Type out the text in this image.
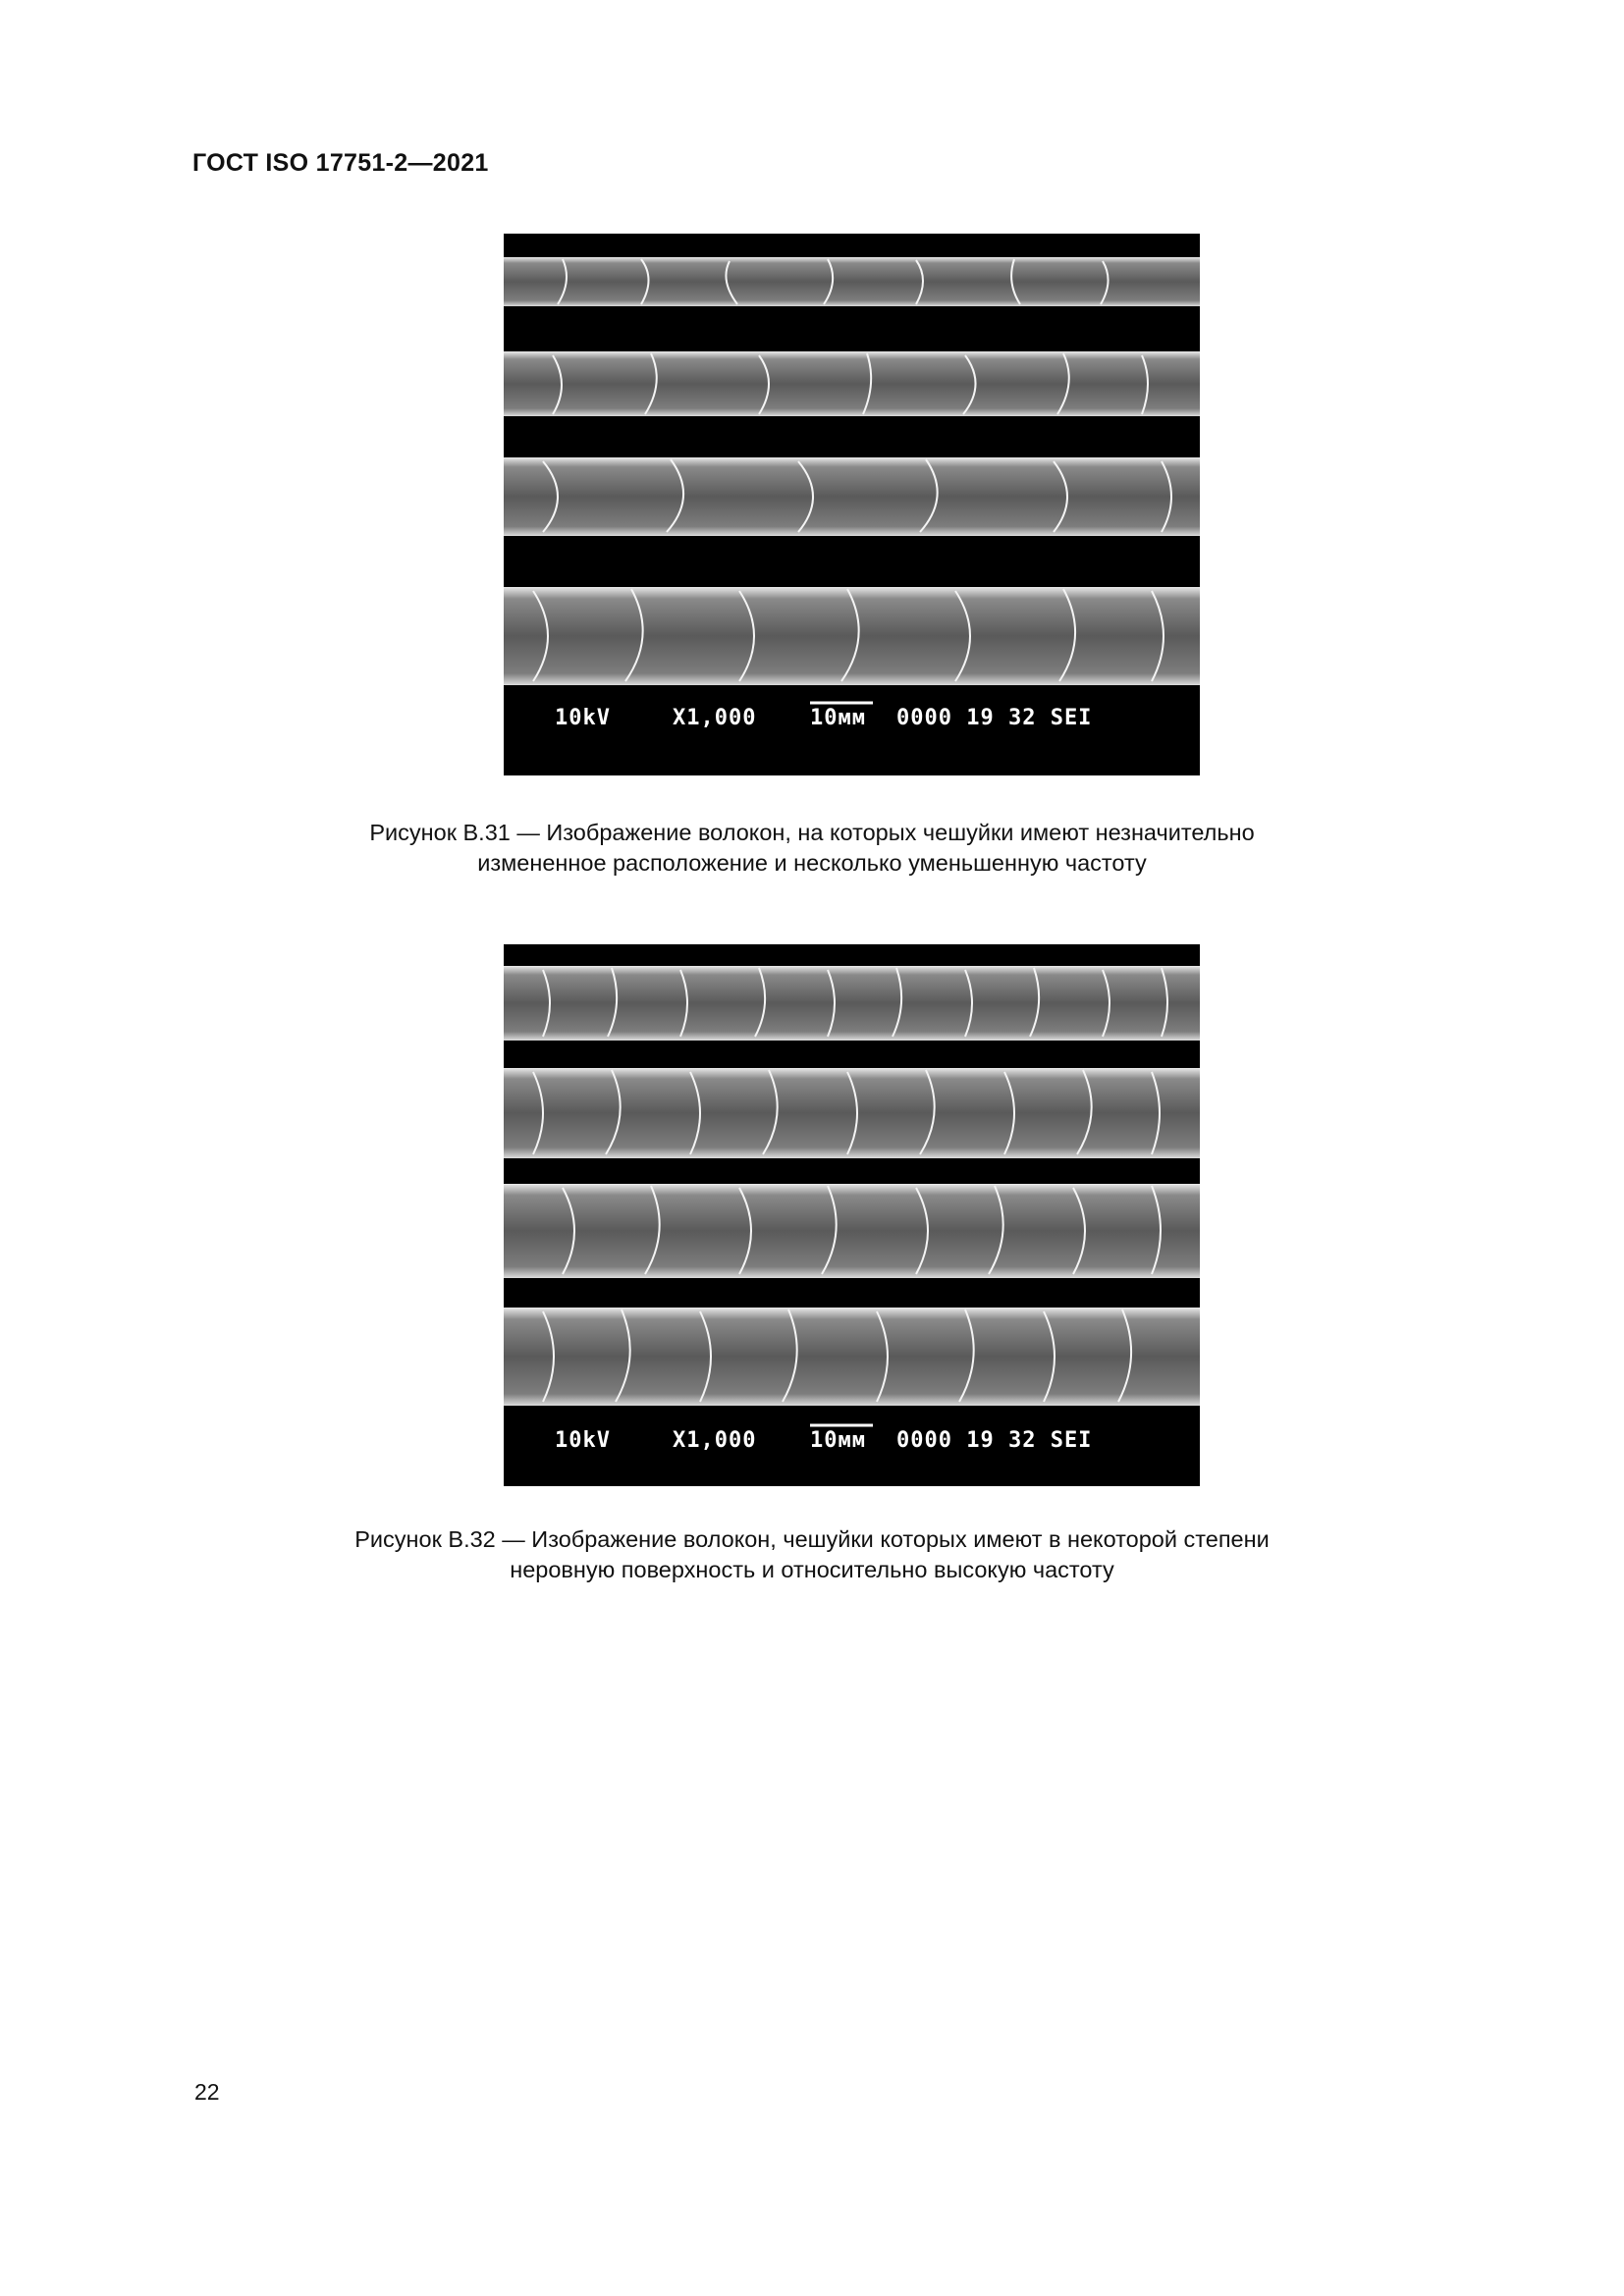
ГОСТ ISO 17751-2—2021
10kV	X1,000 10мм 0000 19 32 SEI
Рисунок В.31 — Изображение волокон, на которых чешуйки имеют незначительно
измененное расположение и несколько уменьшенную частоту
10kV	X1,000 10мм 0000 19 32 SEI
Рисунок В.32 — Изображение волокон, чешуйки которых имеют в некоторой степени
неровную поверхность и относительно высокую частоту
22
